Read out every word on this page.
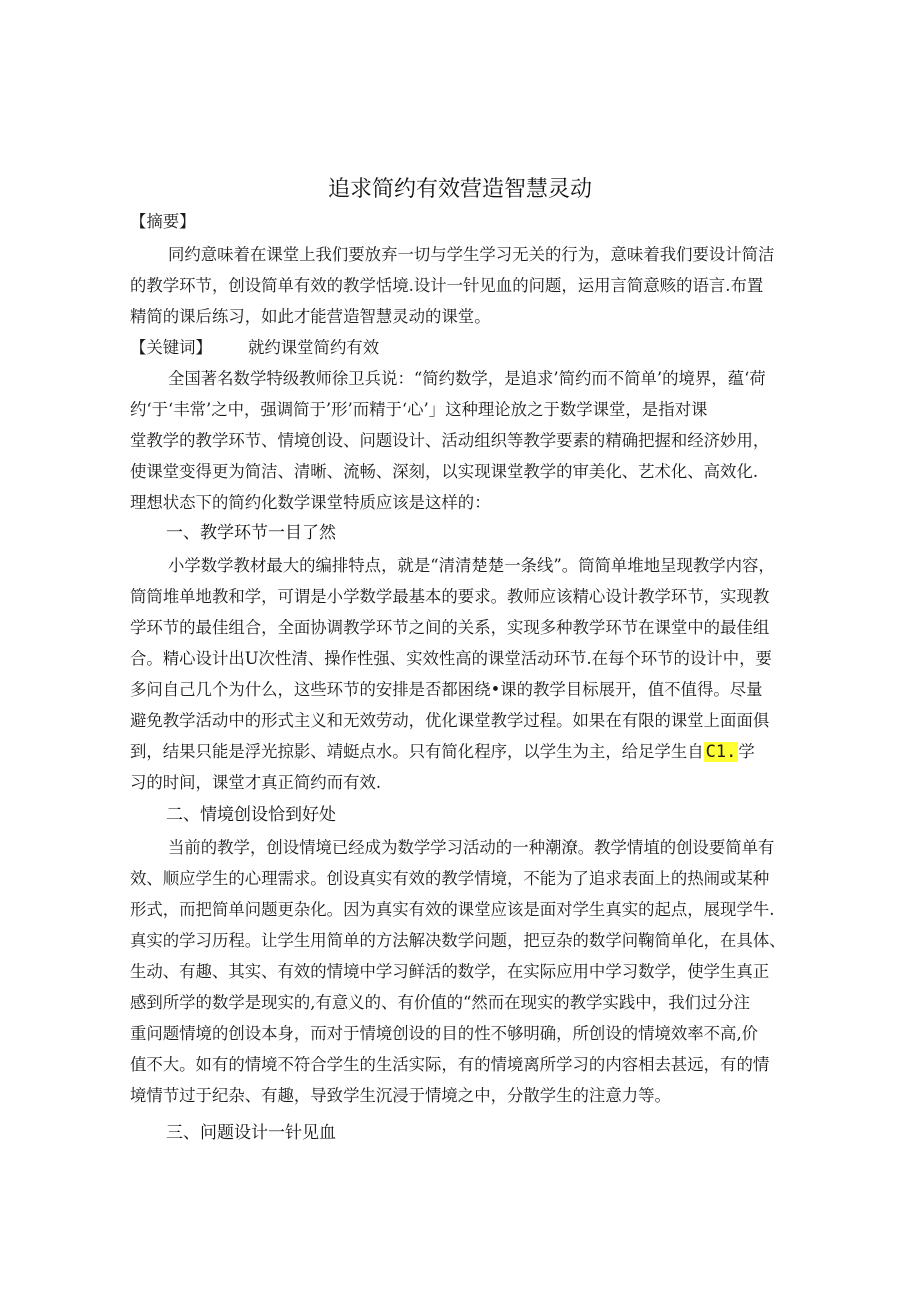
追求简约有效营造智慧灵动
【摘要】
同约意味着在课堂上我们要放弃一切与学生学习无关的行为，意味着我们要设计简洁
的教学环节，创设简单有效的教学恬境.设计一针见血的问题，运用言简意赅的语言.布置
精简的课后练习，如此才能营造智慧灵动的课堂。
【关键词】 就约课堂简约有效
全国著名数学特级教师徐卫兵说：“简约数学，是追求’简约而不简单’的境界，蕴‘荷
约‘于‘丰常’之中，强调简于’形’而精于‘心’」这种理论放之于数学课堂，是指对课
堂教学的教学环节、情境创设、问题设计、活动组织等教学要素的精确把握和经济妙用，
使课堂变得更为简洁、清晰、流畅、深刻，以实现课堂教学的审美化、艺术化、高效化.
理想状态下的简约化数学课堂特质应该是这样的：
一、教学环节一目了然
小学数学教材最大的编排特点，就是“清清楚楚一条线”。筒简单堆地呈现教学内容，
筒筒堆单地教和学，可谓是小学数学最基本的要求。教师应该精心设计教学环节，实现教
学环节的最佳组合，全面协调教学环节之间的关系，实现多种教学环节在课堂中的最佳组
合。精心设计出U次性清、操作性强、实效性高的课堂活动环节.在每个环节的设计中，要
多问自己几个为什么，这些环节的安排是否都困绕•课的教学目标展开，值不值得。尽量
避免教学活动中的形式主义和无效劳动，优化课堂教学过程。如果在有限的课堂上面面俱
到，结果只能是浮光掠影、靖蜓点水。只有简化程序，以学生为主，给足学生自 C1. 学
习的时间，课堂才真正简约而有效.
二、情境创设恰到好处
当前的教学，创设情境已经成为数学学习活动的一种潮潦。教学情埴的创设要简单有
效、顺应学生的心理需求。创设真实有效的教学情境，不能为了追求表面上的热闹或某种
形式，而把简单问题更杂化。因为真实有效的课堂应该是面对学生真实的起点，展现学牛.
真实的学习历程。让学生用简单的方法解决数学问题，把豆杂的数学问鞠简单化，在具体、
生动、有趣、其实、有效的情境中学习鲜活的数学，在实际应用中学习数学，使学生真正
感到所学的数学是现实的,有意义的、有价值的“然而在现实的教学实践中，我们过分注
重问题情境的创设本身，而对于情境创设的目的性不够明确，所创设的情境效率不高,价
值不大。如有的情境不符合学生的生活实际，有的情境离所学习的内容相去甚远，有的情
境情节过于纪杂、有趣，导致学生沉浸于情境之中，分散学生的注意力等。
三、问题设计一针见血
